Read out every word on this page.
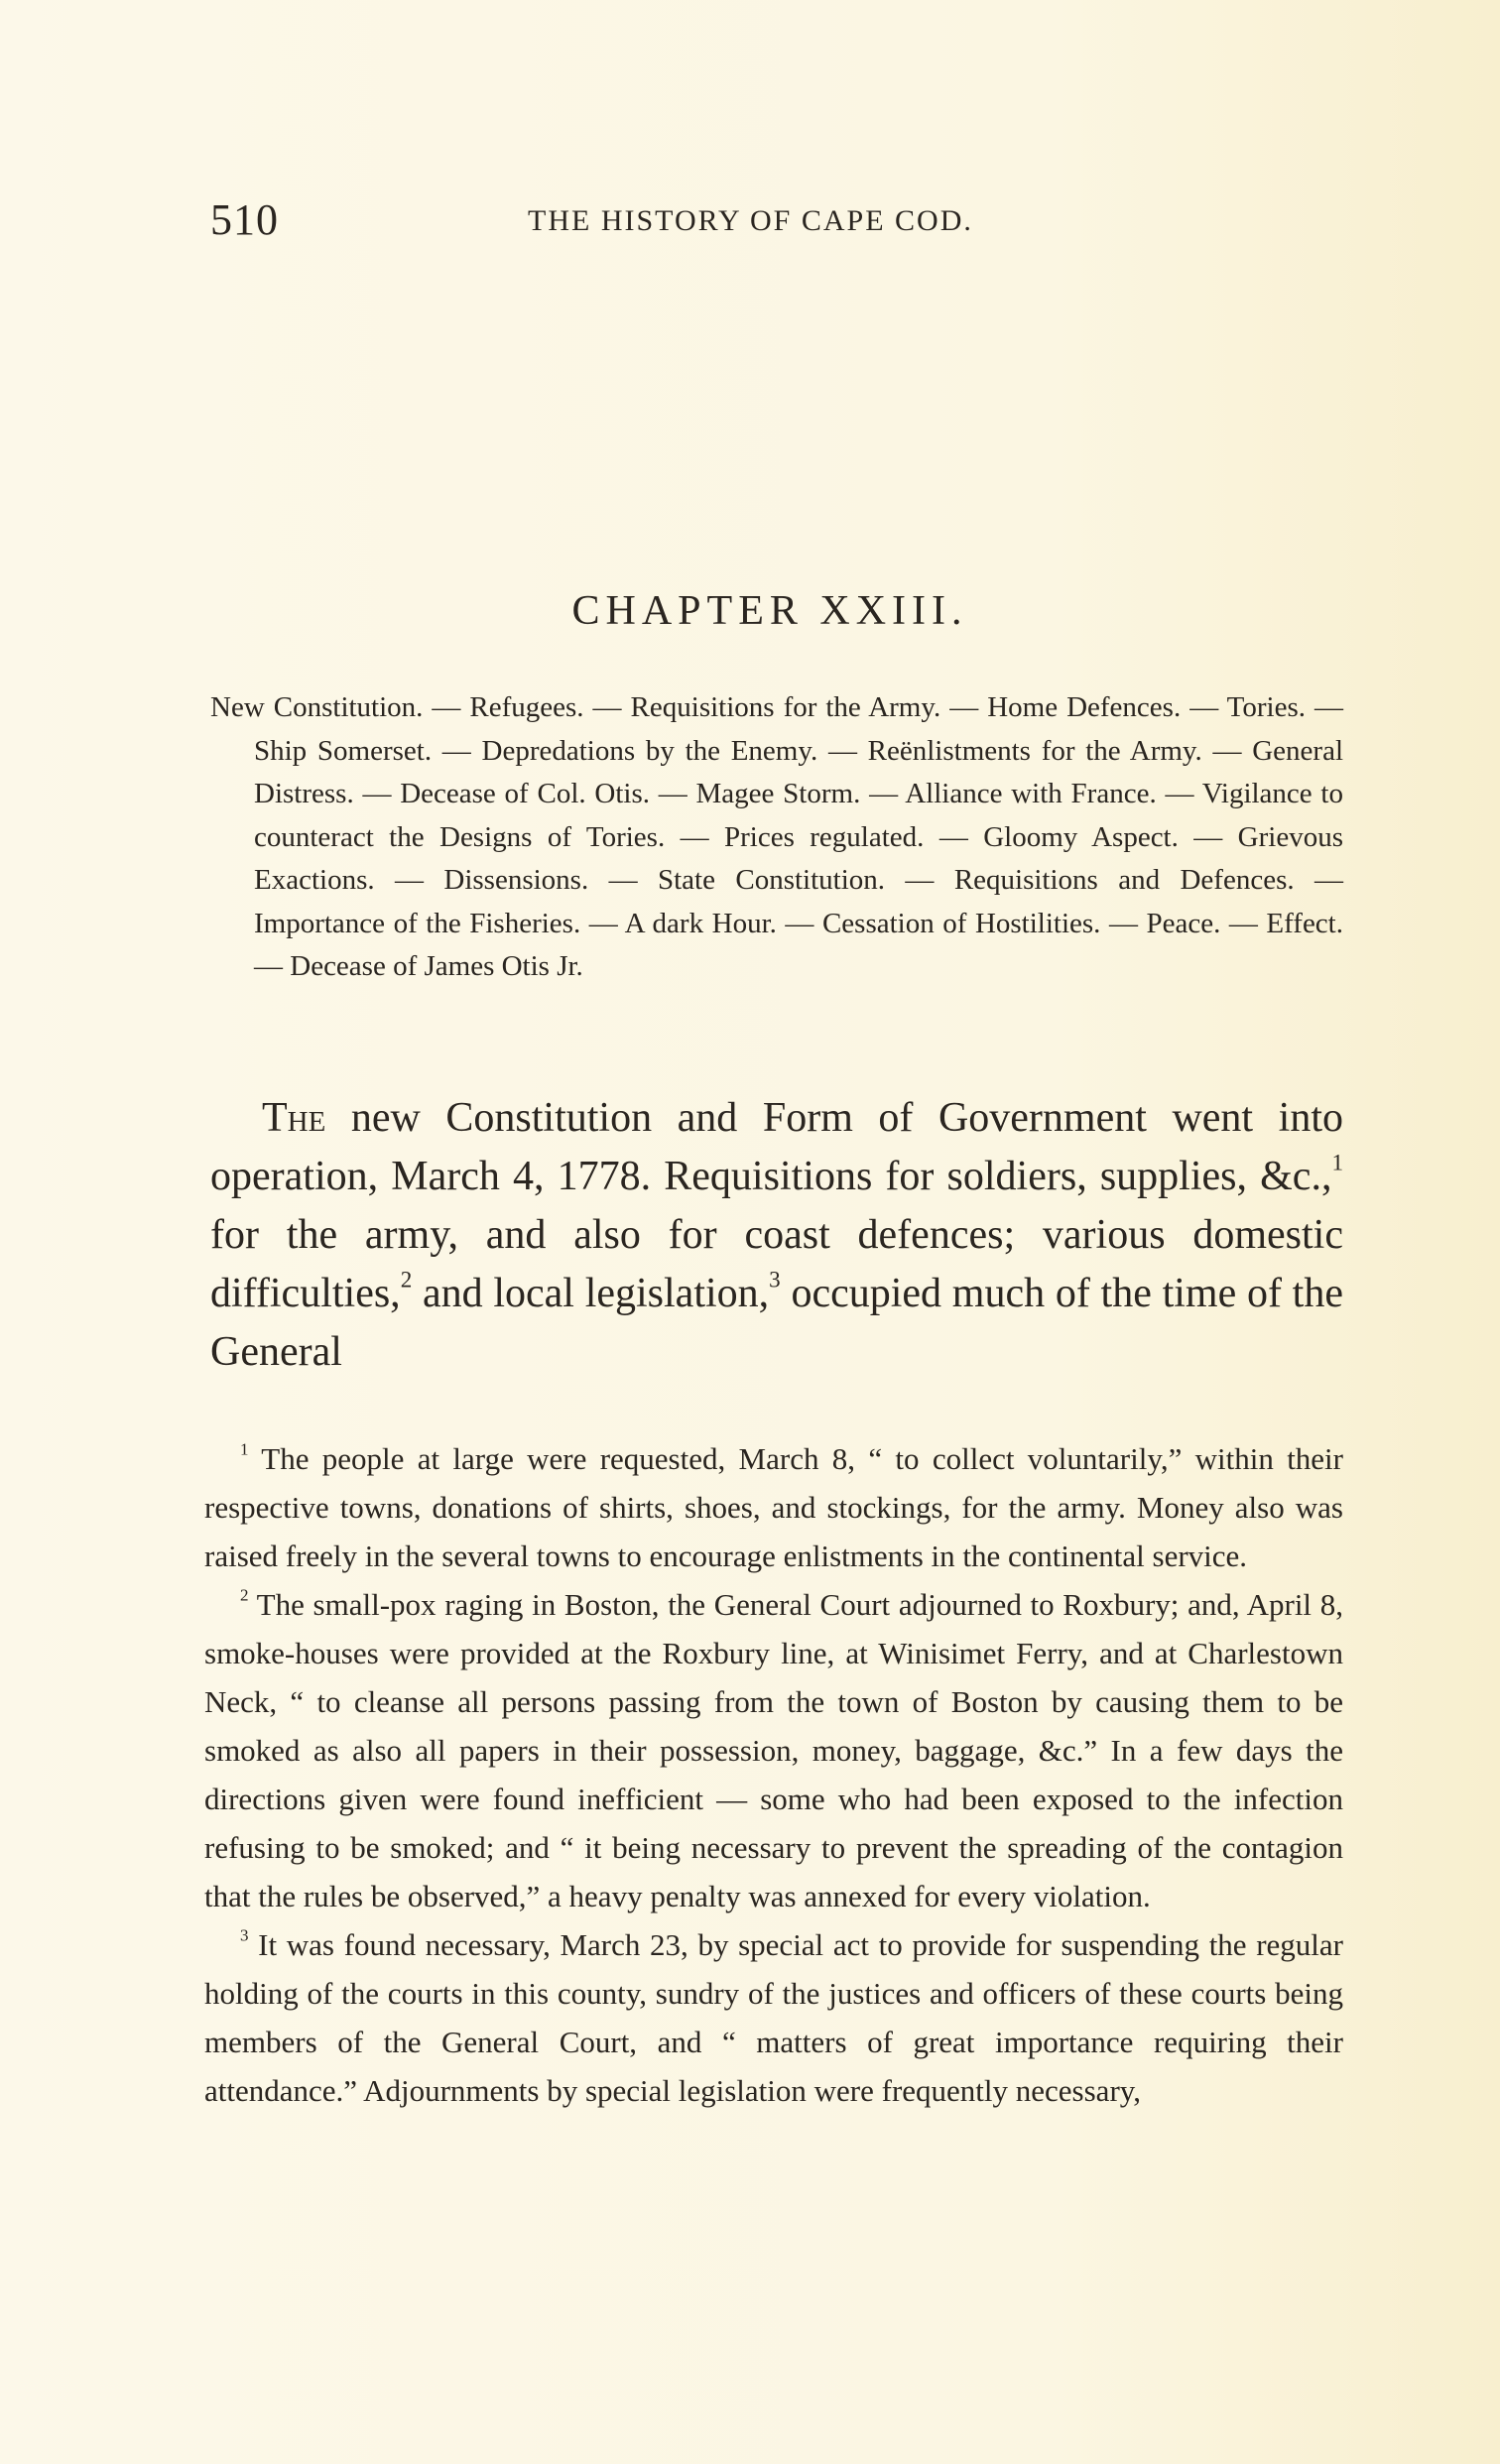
510	THE HISTORY OF CAPE COD.
CHAPTER XXIII.
New Constitution. — Refugees. — Requisitions for the Army. — Home Defences. — Tories. — Ship Somerset. — Depredations by the Enemy. — Reënlistments for the Army. — General Distress. — Decease of Col. Otis. — Magee Storm. — Alliance with France. — Vigilance to counteract the Designs of Tories. — Prices regulated. — Gloomy Aspect. — Grievous Exactions. — Dissensions. — State Constitution. — Requisitions and Defences. — Importance of the Fisheries. — A dark Hour. — Cessation of Hostilities. — Peace. — Effect. — Decease of James Otis Jr.
The new Constitution and Form of Government went into operation, March 4, 1778. Requisitions for soldiers, supplies, &c.,$^1$ for the army, and also for coast defences; various domestic difficulties,$^2$ and local legislation,$^3$ occupied much of the time of the General

$^1$ The people at large were requested, March 8, “ to collect voluntarily,” within their respective towns, donations of shirts, shoes, and stockings, for the army. Money also was raised freely in the several towns to encourage enlistments in the continental service.

$^2$ The small-pox raging in Boston, the General Court adjourned to Roxbury; and, April 8, smoke-houses were provided at the Roxbury line, at Winisimet Ferry, and at Charlestown Neck, “ to cleanse all persons passing from the town of Boston by causing them to be smoked as also all papers in their possession, money, baggage, &c.” In a few days the directions given were found inefficient — some who had been exposed to the infection refusing to be smoked; and “ it being necessary to prevent the spreading of the contagion that the rules be observed,” a heavy penalty was annexed for every violation.

$^3$ It was found necessary, March 23, by special act to provide for suspending the regular holding of the courts in this county, sundry of the justices and officers of these courts being members of the General Court, and “ matters of great importance requiring their attendance.” Adjournments by special legislation were frequently necessary,
